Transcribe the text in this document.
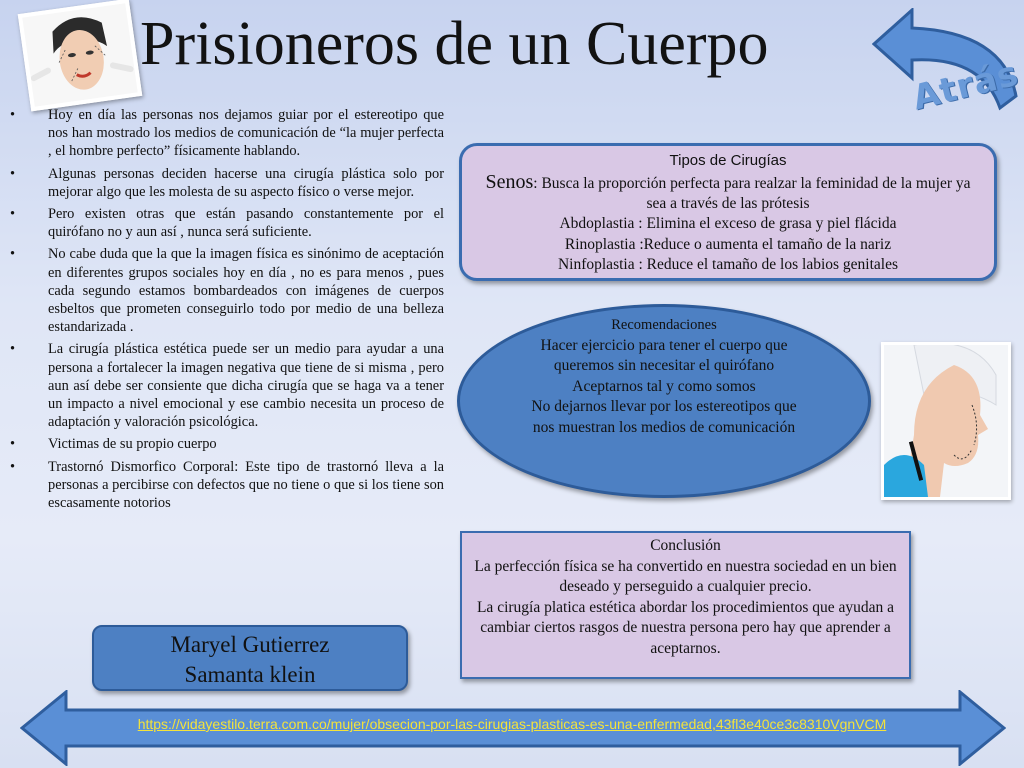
Prisioneros de un Cuerpo
Atrás
• Hoy en día las personas nos dejamos guiar por el estereotipo que nos han mostrado los medios de comunicación de “la mujer perfecta , el hombre perfecto” físicamente hablando.
• Algunas personas deciden hacerse una cirugía plástica solo por mejorar algo que les molesta de su aspecto físico o verse mejor.
• Pero existen otras que están pasando constantemente por el quirófano no y aun así , nunca será suficiente.
• No cabe duda que la que la imagen física es sinónimo de aceptación en diferentes grupos sociales hoy en día , no es para menos , pues cada segundo estamos bombardeados con imágenes de cuerpos esbeltos que prometen conseguirlo todo por medio de una belleza estandarizada .
• La cirugía plástica estética puede ser un medio para ayudar a una persona a fortalecer la imagen negativa que tiene de si misma , pero aun así debe ser consiente que dicha cirugía que se haga va a tener un impacto a nivel emocional y ese cambio necesita un proceso de adaptación y valoración psicológica.
• Victimas de su propio cuerpo
• Trastornó Dismorfico Corporal: Este tipo de trastornó lleva a la personas a percibirse con defectos que no tiene o que si los tiene son escasamente notorios
Tipos de Cirugías
Senos: Busca la proporción perfecta para realzar la feminidad de la mujer ya sea a través de las prótesis
Abdoplastia : Elimina el exceso de grasa y piel flácida
Rinoplastia :Reduce o aumenta el tamaño de la nariz
Ninfoplastia : Reduce el tamaño de los labios genitales
Recomendaciones
Hacer ejercicio para tener el cuerpo que queremos sin necesitar el quirófano
Aceptarnos tal y como somos
No dejarnos llevar por los estereotipos que nos muestran los medios de comunicación
Conclusión
La perfección física se ha convertido en nuestra sociedad en un bien deseado y perseguido a cualquier precio.
La cirugía platica estética abordar los procedimientos que ayudan a cambiar ciertos rasgos de nuestra persona pero hay que aprender a aceptarnos.
Maryel Gutierrez
Samanta klein
https://vidayestilo.terra.com.co/mujer/obsecion-por-las-cirugias-plasticas-es-una-enfermedad,43fl3e40ce3c8310VgnVCM
